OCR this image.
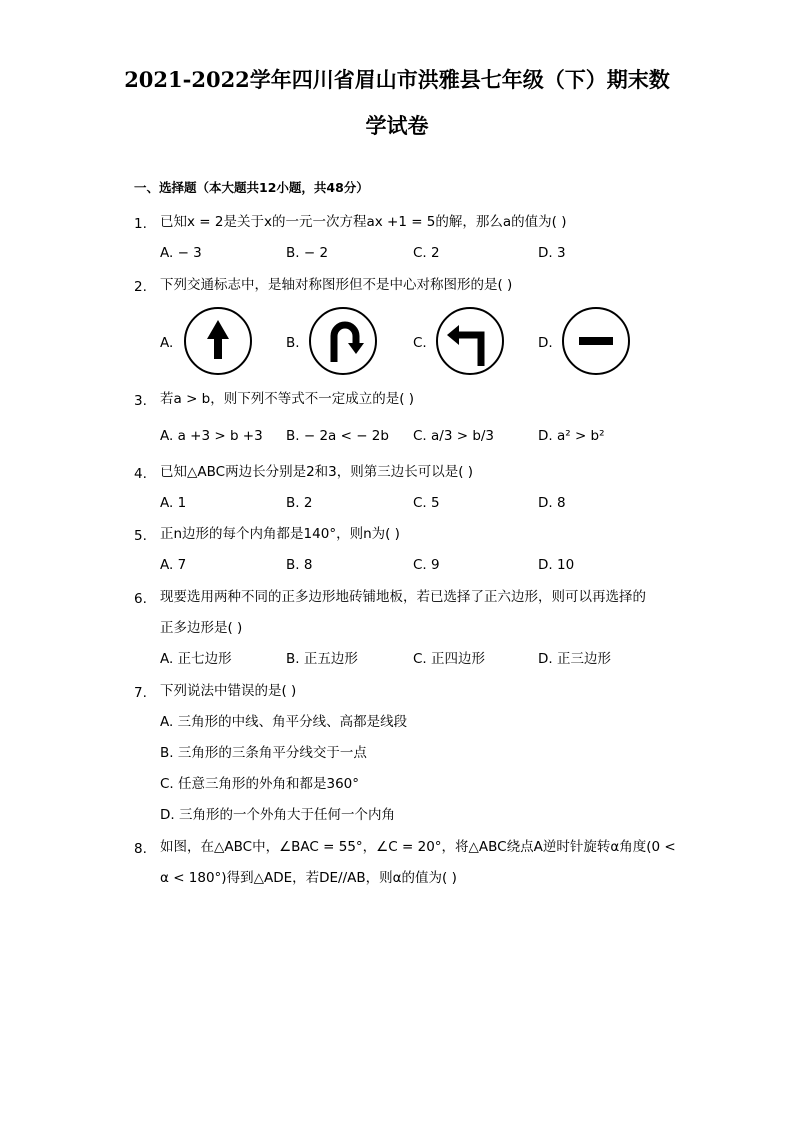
2021-2022学年四川省眉山市洪雅县七年级（下）期末数
学试卷
一、选择题（本大题共12小题，共48分）
1. 已知x = 2是关于x的一元一次方程ax +1 = 5的解，那么a的值为( )
A. − 3	B. − 2	C. 2	D. 3
2. 下列交通标志中，是轴对称图形但不是中心对称图形的是( )
A.	B.	C.	D.
3. 若a > b，则下列不等式不一定成立的是( )
A. a +3 > b +3 B. − 2a < − 2b C. a/3 > b/3	D. a² > b²
4. 已知△ABC两边长分别是2和3，则第三边长可以是( )
A. 1	B. 2	C. 5	D. 8
5. 正n边形的每个内角都是140°，则n为( )
A. 7	B. 8	C. 9	D. 10
6. 现要选用两种不同的正多边形地砖铺地板，若已选择了正六边形，则可以再选择的
正多边形是( )
A. 正七边形	B. 正五边形	C. 正四边形	D. 正三边形
7. 下列说法中错误的是( )
A. 三角形的中线、角平分线、高都是线段
B. 三角形的三条角平分线交于一点
C. 任意三角形的外角和都是360°
D. 三角形的一个外角大于任何一个内角
8. 如图，在△ABC中，∠BAC = 55°，∠C = 20°，将△ABC绕点A逆时针旋转α角度(0 <
α < 180°)得到△ADE，若DE//AB，则α的值为( )
